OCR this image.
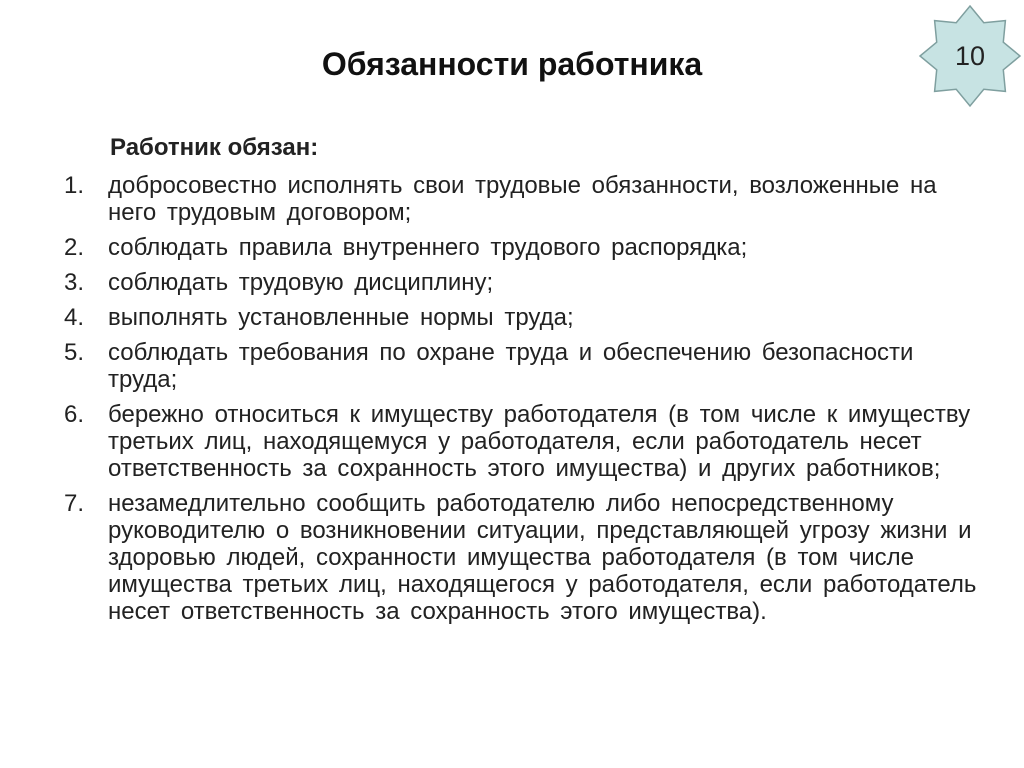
Обязанности работника	10

Работник обязан:

1. добросовестно исполнять свои трудовые обязанности, возложенные на него трудовым договором;
2. соблюдать правила внутреннего трудового распорядка;
3. соблюдать трудовую дисциплину;
4. выполнять установленные нормы труда;
5. соблюдать требования по охране труда и обеспечению безопасности труда;
6. бережно относиться к имуществу работодателя (в том числе к имуществу третьих лиц, находящемуся у работодателя, если работодатель несет ответственность за сохранность этого имущества) и других работников;
7. незамедлительно сообщить работодателю либо непосредственному руководителю о возникновении ситуации, представляющей угрозу жизни и здоровью людей, сохранности имущества работодателя (в том числе имущества третьих лиц, находящегося у работодателя, если работодатель несет ответственность за сохранность этого имущества).
